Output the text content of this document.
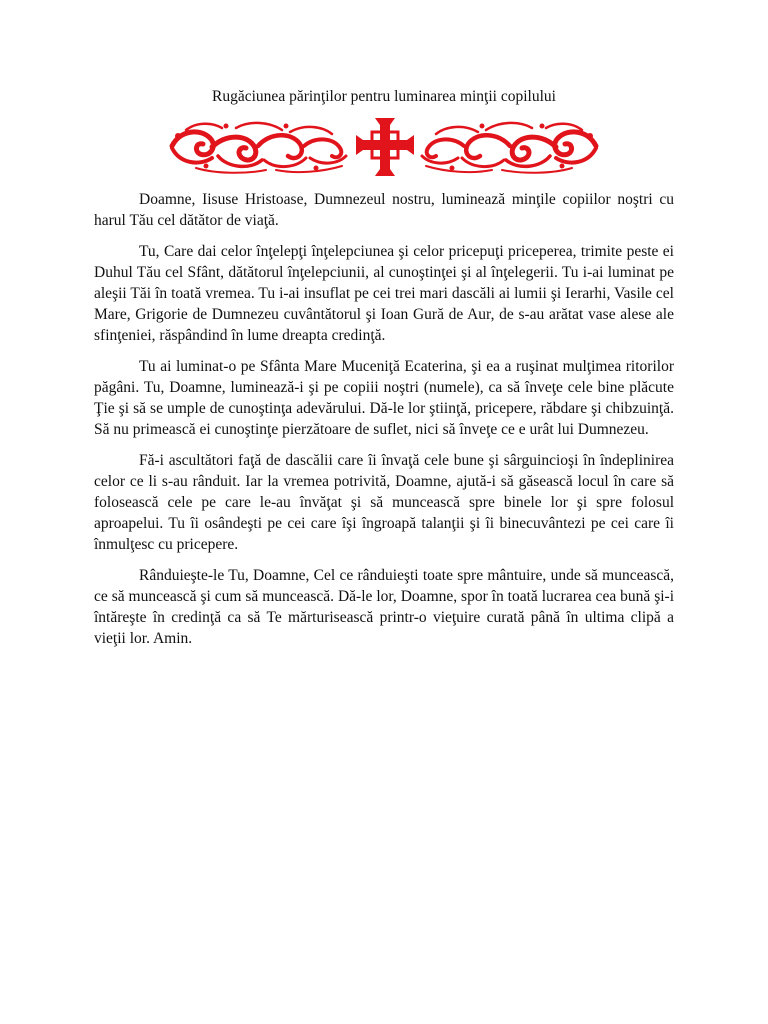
Rugăciunea părinţilor pentru luminarea minţii copilului

Doamne, Iisuse Hristoase, Dumnezeul nostru, luminează minţile copiilor noştri cu harul Tău cel dătător de viaţă.

Tu, Care dai celor înţelepţi înţelepciunea şi celor pricepuţi priceperea, trimite peste ei Duhul Tău cel Sfânt, dătătorul înţelepciunii, al cunoştinţei şi al înţelegerii. Tu i-ai luminat pe aleşii Tăi în toată vremea. Tu i-ai insuflat pe cei trei mari dascăli ai lumii şi Ierarhi, Vasile cel Mare, Grigorie de Dumnezeu cuvântătorul şi Ioan Gură de Aur, de s-au arătat vase alese ale sfinţeniei, răspândind în lume dreapta credinţă.

Tu ai luminat-o pe Sfânta Mare Muceniţă Ecaterina, şi ea a ruşinat mulţimea ritorilor păgâni. Tu, Doamne, luminează-i şi pe copiii noştri (numele), ca să înveţe cele bine plăcute Ţie şi să se umple de cunoştinţa adevărului. Dă-le lor ştiinţă, pricepere, răbdare şi chibzuinţă. Să nu primească ei cunoştinţe pierzătoare de suflet, nici să înveţe ce e urât lui Dumnezeu.

Fă-i ascultători faţă de dascălii care îi învaţă cele bune şi sârguincioşi în îndeplinirea celor ce li s-au rânduit. Iar la vremea potrivită, Doamne, ajută-i să găsească locul în care să folosească cele pe care le-au învăţat şi să muncească spre binele lor şi spre folosul aproapelui. Tu îi osândeşti pe cei care îşi îngroapă talanţii şi îi binecuvântezi pe cei care îi înmulţesc cu pricepere.

Rânduieşte-le Tu, Doamne, Cel ce rânduieşti toate spre mântuire, unde să muncească, ce să muncească şi cum să muncească. Dă-le lor, Doamne, spor în toată lucrarea cea bună şi-i întăreşte în credinţă ca să Te mărturisească printr-o vieţuire curată până în ultima clipă a vieţii lor. Amin.
